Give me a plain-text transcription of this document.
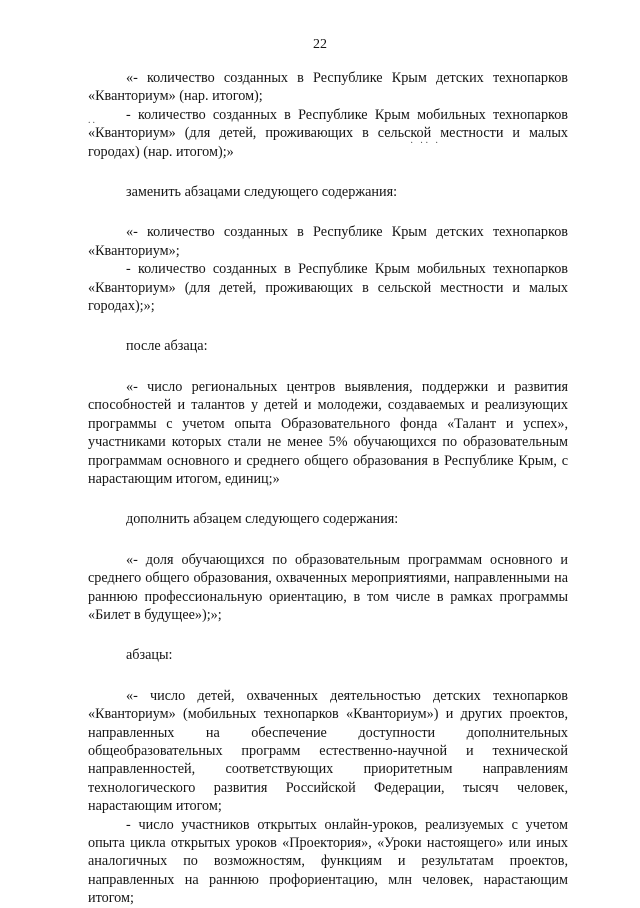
22
..
· ·· ·

«- количество созданных в Республике Крым детских технопарков «Кванториум» (нар. итогом);

- количество созданных в Республике Крым мобильных технопарков «Кванториум» (для детей, проживающих в сельской местности и малых городах) (нар. итогом);»

заменить абзацами следующего содержания:

«- количество созданных в Республике Крым детских технопарков «Кванториум»;

- количество созданных в Республике Крым мобильных технопарков «Кванториум» (для детей, проживающих в сельской местности и малых городах);»;

после абзаца:

«- число региональных центров выявления, поддержки и развития способностей и талантов у детей и молодежи, создаваемых и реализующих программы с учетом опыта Образовательного фонда «Талант и успех», участниками которых стали не менее 5% обучающихся по образовательным программам основного и среднего общего образования в Республике Крым, с нарастающим итогом, единиц;»

дополнить абзацем следующего содержания:

«- доля обучающихся по образовательным программам основного и среднего общего образования, охваченных мероприятиями, направленными на раннюю профессиональную ориентацию, в том числе в рамках программы «Билет в будущее»);»;

абзацы:

«- число детей, охваченных деятельностью детских технопарков «Кванториум» (мобильных технопарков «Кванториум») и других проектов, направленных на обеспечение доступности дополнительных общеобразовательных программ естественно-научной и технической направленностей, соответствующих приоритетным направлениям технологического развития Российской Федерации, тысяч человек, нарастающим итогом;

- число участников открытых онлайн-уроков, реализуемых с учетом опыта цикла открытых уроков «Проектория», «Уроки настоящего» или иных аналогичных по возможностям, функциям и результатам проектов, направленных на раннюю профориентацию, млн человек, нарастающим итогом;
